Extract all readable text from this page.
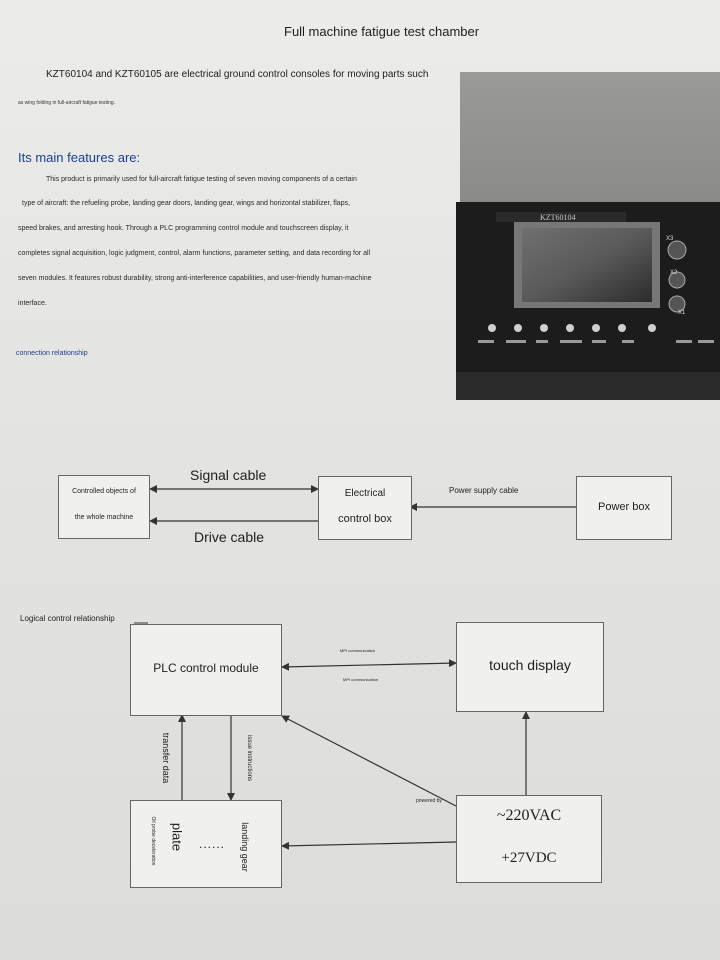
Full machine fatigue test chamber
KZT60104 and KZT60105 are electrical ground control consoles for moving parts such
as wing folding in full-aircraft fatigue testing.
Its main features are:
This product is primarily used for full-aircraft fatigue testing of seven moving components of a certain
type of aircraft: the refueling probe, landing gear doors, landing gear, wings and horizontal stabilizer, flaps,
speed brakes, and arresting hook. Through a PLC programming control module and touchscreen display, it
completes signal acquisition, logic judgment, control, alarm functions, parameter setting, and data recording for all
seven modules. It features robust durability, strong anti-interference capabilities, and user-friendly human-machine
interface.
connection relationship
KZT60104
X3
X2
X1
Controlled objects of
the whole machine
Signal cable
Drive cable
Electrical
control box
Power supply cable
Power box
Logical control relationship
PLC control module	touch display
MPI communication
MPI communication
transfer data	issue instructions
Oil probe deceleration plate ...... landing gear
powered by
~220VAC
+27VDC
